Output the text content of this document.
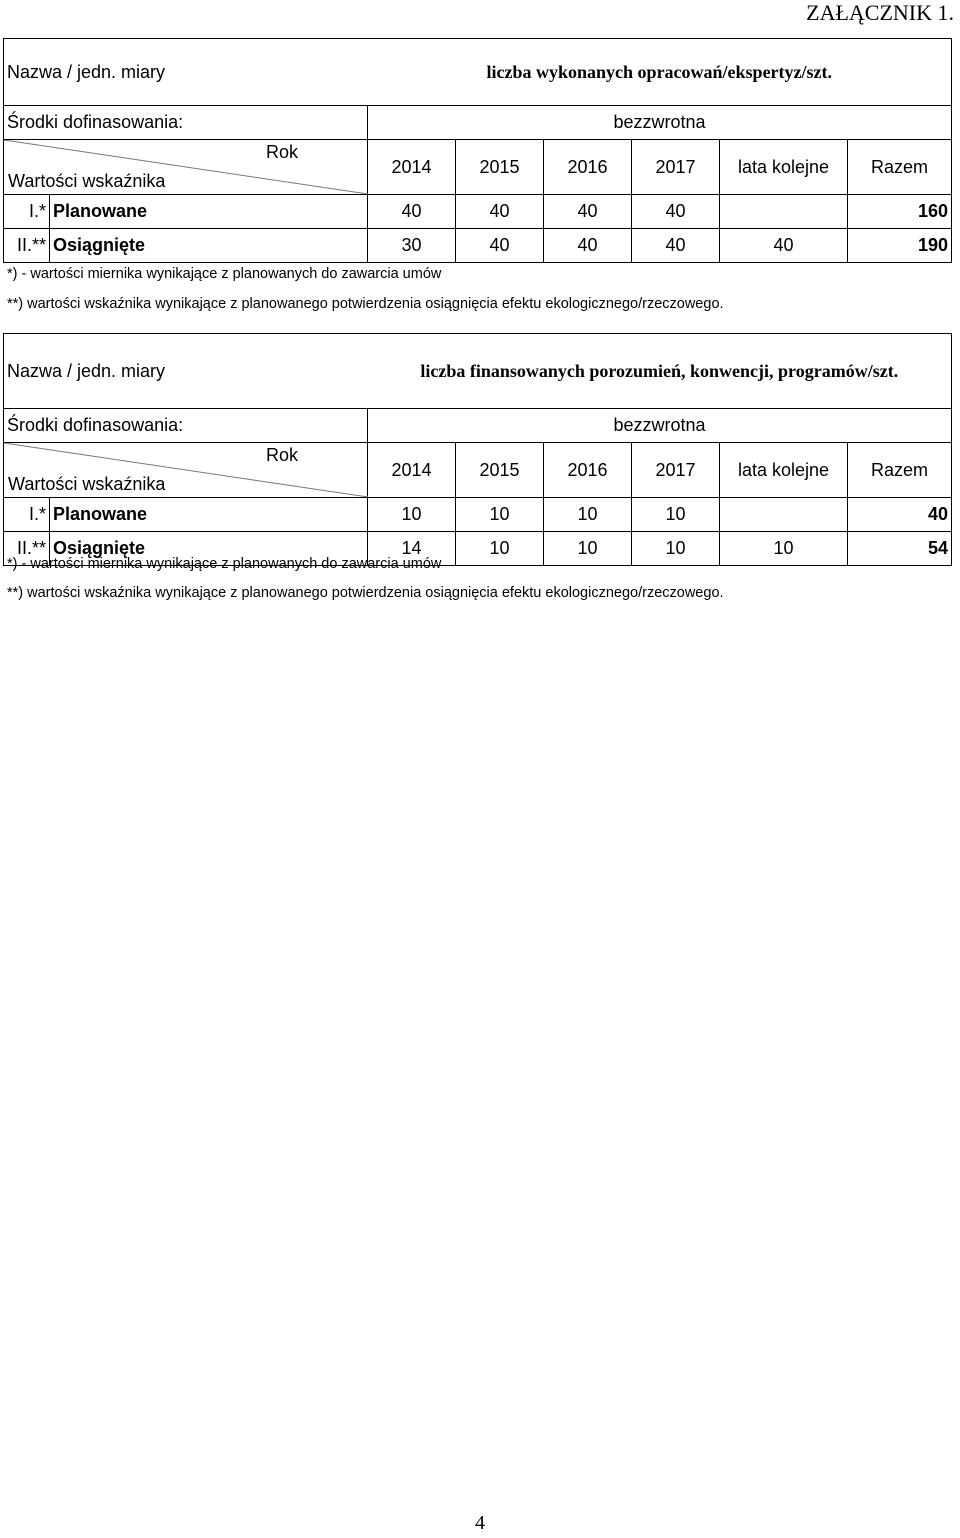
ZAŁĄCZNIK 1.
Nazwa / jedn. miary		liczba wykonanych opracowań/ekspertyz/szt.					
Środki dofinasowania:		bezzwrotna					

Rok
Wartości wskaźnika		2014	2015	2016	2017	lata kolejne	Razem
I.*	Planowane	40	40	40	40		160
II.**	Osiągnięte	30	40	40	40	40	190
*) - wartości miernika wynikające z planowanych do zawarcia umów
**) wartości wskaźnika wynikające z planowanego potwierdzenia osiągnięcia efektu ekologicznego/rzeczowego.
Nazwa / jedn. miary		liczba finansowanych porozumień, konwencji, programów/szt.					
Środki dofinasowania:		bezzwrotna					

Rok
Wartości wskaźnika		2014	2015	2016	2017	lata kolejne	Razem
I.*	Planowane	10	10	10	10		40
II.**	Osiągnięte	14	10	10	10	10	54
*) - wartości miernika wynikające z planowanych do zawarcia umów
**) wartości wskaźnika wynikające z planowanego potwierdzenia osiągnięcia efektu ekologicznego/rzeczowego.
4
